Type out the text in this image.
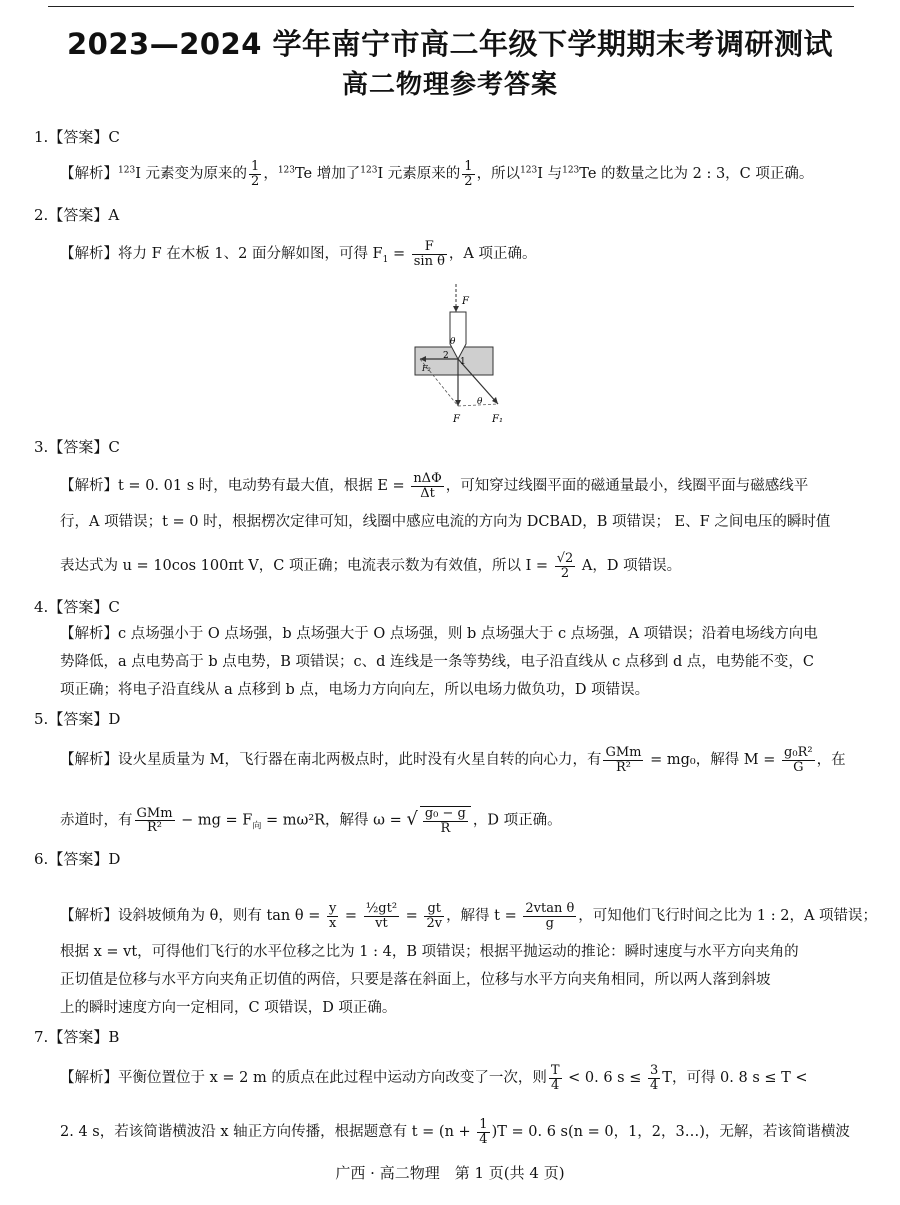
2023—2024 学年南宁市高二年级下学期期末考调研测试
高二物理参考答案
1.【答案】C
【解析】$^{123}$I 元素变为原来的 $\frac{1}{2}$ ，$^{123}$Te 增加了$^{123}$I 元素原来的 $\frac{1}{2}$ ，所以$^{123}$I 与$^{123}$Te 的数量之比为 2 : 3，C 项正确。
2.【答案】A
【解析】将力 F 在木板 1、2 面分解如图，可得 $F_1 = \frac{F}{\text{sin θ}}$ ，A 项正确。
F
θ
2
1
F₂
F
θ
F₁
3.【答案】C
【解析】t = 0. 01 s 时，电动势有最大值，根据 $E = \frac{\text{nΔΦ}}{\Delta t}$ ，可知穿过线圈平面的磁通量最小，线圈平面与磁感线平
行，A 项错误；t = 0 时，根据楞次定律可知，线圈中感应电流的方向为 DCBAD，B 项错误； E、F 之间电压的瞬时值
表达式为 u = 10cos 100πt V，C 项正确；电流表示数为有效值，所以 $I = \frac{√2}{2}$ A，D 项错误。
4.【答案】C
【解析】c 点场强小于 O 点场强，b 点场强大于 O 点场强，则 b 点场强大于 c 点场强，A 项错误；沿着电场线方向电
势降低，a 点电势高于 b 点电势，B 项错误；c、d 连线是一条等势线，电子沿直线从 c 点移到 d 点，电势能不变，C
项正确；将电子沿直线从 a 点移到 b 点，电场力方向向左，所以电场力做负功，D 项错误。
5.【答案】D
【解析】设火星质量为 M，飞行器在南北两极点时，此时没有火星自转的向心力，有 $\frac{\text{GMm}}{\text{R²}} = mg_0$，解得 $M = \frac{\text{g₀R²}}{G}$ ，在
赤道时，有 $\frac{\text{GMm}}{\text{R²}}$ − mg = $F_向 = m\omega^2R$，解得 ω = √ $\frac{\text{g₀ − g}}{R}$ ，D 项正确。
6.【答案】D
【解析】设斜坡倾角为 θ，则有 $\tan \theta = \frac{y}{x} = \frac{\text{½gt²}}{vt} = \frac{gt}{2v}$ ，解得 $t = \frac{\text{2vtan θ}}{g}$ ，可知他们飞行时间之比为 1 : 2，A 项错误；
根据 x = vt，可得他们飞行的水平位移之比为 1 : 4，B 项错误；根据平抛运动的推论：瞬时速度与水平方向夹角的
正切值是位移与水平方向夹角正切值的两倍，只要是落在斜面上，位移与水平方向夹角相同，所以两人落到斜坡
上的瞬时速度方向一定相同，C 项错误，D 项正确。
7.【答案】B
【解析】平衡位置位于 x = 2 m 的质点在此过程中运动方向改变了一次，则 $\frac{T}{4} < 0$. 6 $s \le \frac{3}{4}$ T，可得 0. 8 s ≤ T <
2. 4 s，若该简谐横波沿 x 轴正方向传播，根据题意有 $t = (n + \frac{1}{4} )T = 0$. 6 s(n = 0，1，2，3…)，无解，若该简谐横波
广西 · 高二物理　第 1 页(共 4 页)
